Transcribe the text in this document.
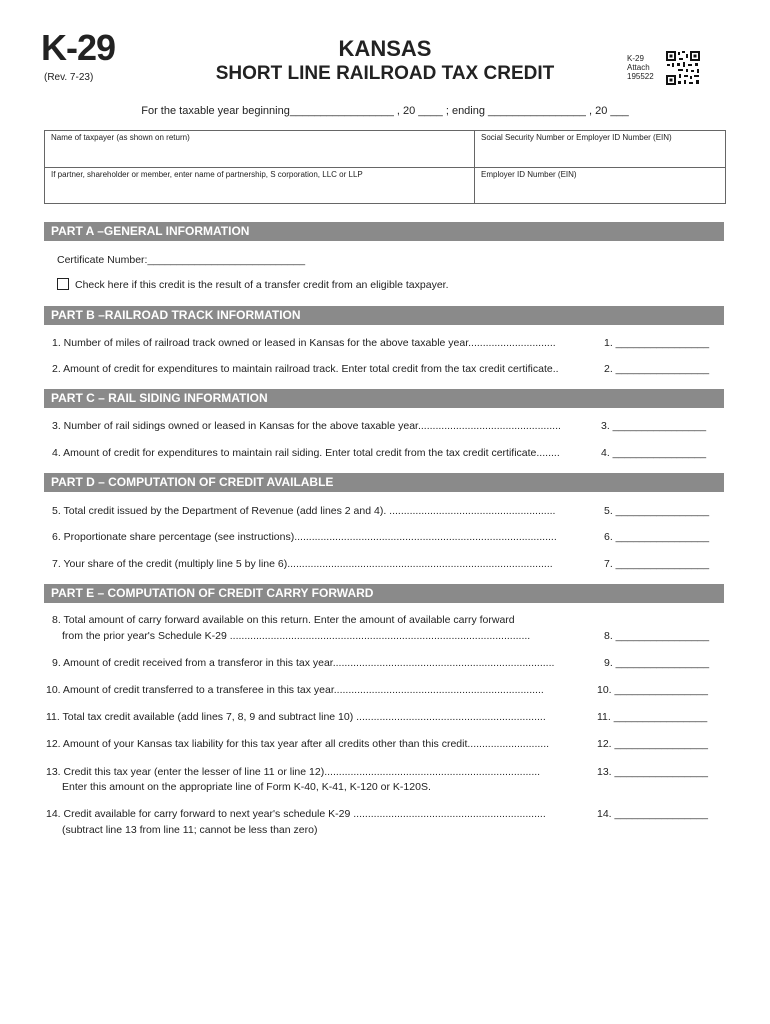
K-29
(Rev. 7-23)
KANSAS
SHORT LINE RAILROAD TAX CREDIT
K-29
Attach
195522
For the taxable year beginning_________________ , 20 ____ ; ending ________________ , 20 ___
Name of taxpayer (as shown on return)	Social Security Number or Employer ID Number (EIN)
If partner, shareholder or member, enter name of partnership, S corporation, LLC or LLP	Employer ID Number (EIN)
PART A –GENERAL INFORMATION
Certificate Number:___________________________
Check here if this credit is the result of a transfer credit from an eligible taxpayer.
PART B –RAILROAD TRACK INFORMATION
1. Number of miles of railroad track owned or leased in Kansas for the above taxable year..............................	1. ________________
2. Amount of credit for expenditures to maintain railroad track. Enter total credit from the tax credit certificate..	2. ________________
PART C – RAIL SIDING INFORMATION
3. Number of rail sidings owned or leased in Kansas for the above taxable year.................................................	3. ________________
4. Amount of credit for expenditures to maintain rail siding. Enter total credit from the tax credit certificate........	4. ________________
PART D – COMPUTATION OF CREDIT AVAILABLE
5. Total credit issued by the Department of Revenue (add lines 2 and 4). .........................................................	5. ________________
6. Proportionate share percentage (see instructions)..........................................................................................	6. ________________
7. Your share of the credit (multiply line 5 by line 6)...........................................................................................	7. ________________
PART E – COMPUTATION OF CREDIT CARRY FORWARD
8. Total amount of carry forward available on this return. Enter the amount of available carry forward
from the prior year's Schedule K-29 .......................................................................................................	8. ________________
9. Amount of credit received from a transferor in this tax year............................................................................	9. ________________
10. Amount of credit transferred to a transferee in this tax year........................................................................	10. ________________
11. Total tax credit available (add lines 7, 8, 9 and subtract line 10) .................................................................	11. ________________
12. Amount of your Kansas tax liability for this tax year after all credits other than this credit............................	12. ________________
13. Credit this tax year (enter the lesser of line 11 or line 12)..........................................................................
Enter this amount on the appropriate line of Form K-40, K-41, K-120 or K-120S.
13. ________________
14. Credit available for carry forward to next year's schedule K-29 ..................................................................
(subtract line 13 from line 11; cannot be less than zero)
14. ________________
